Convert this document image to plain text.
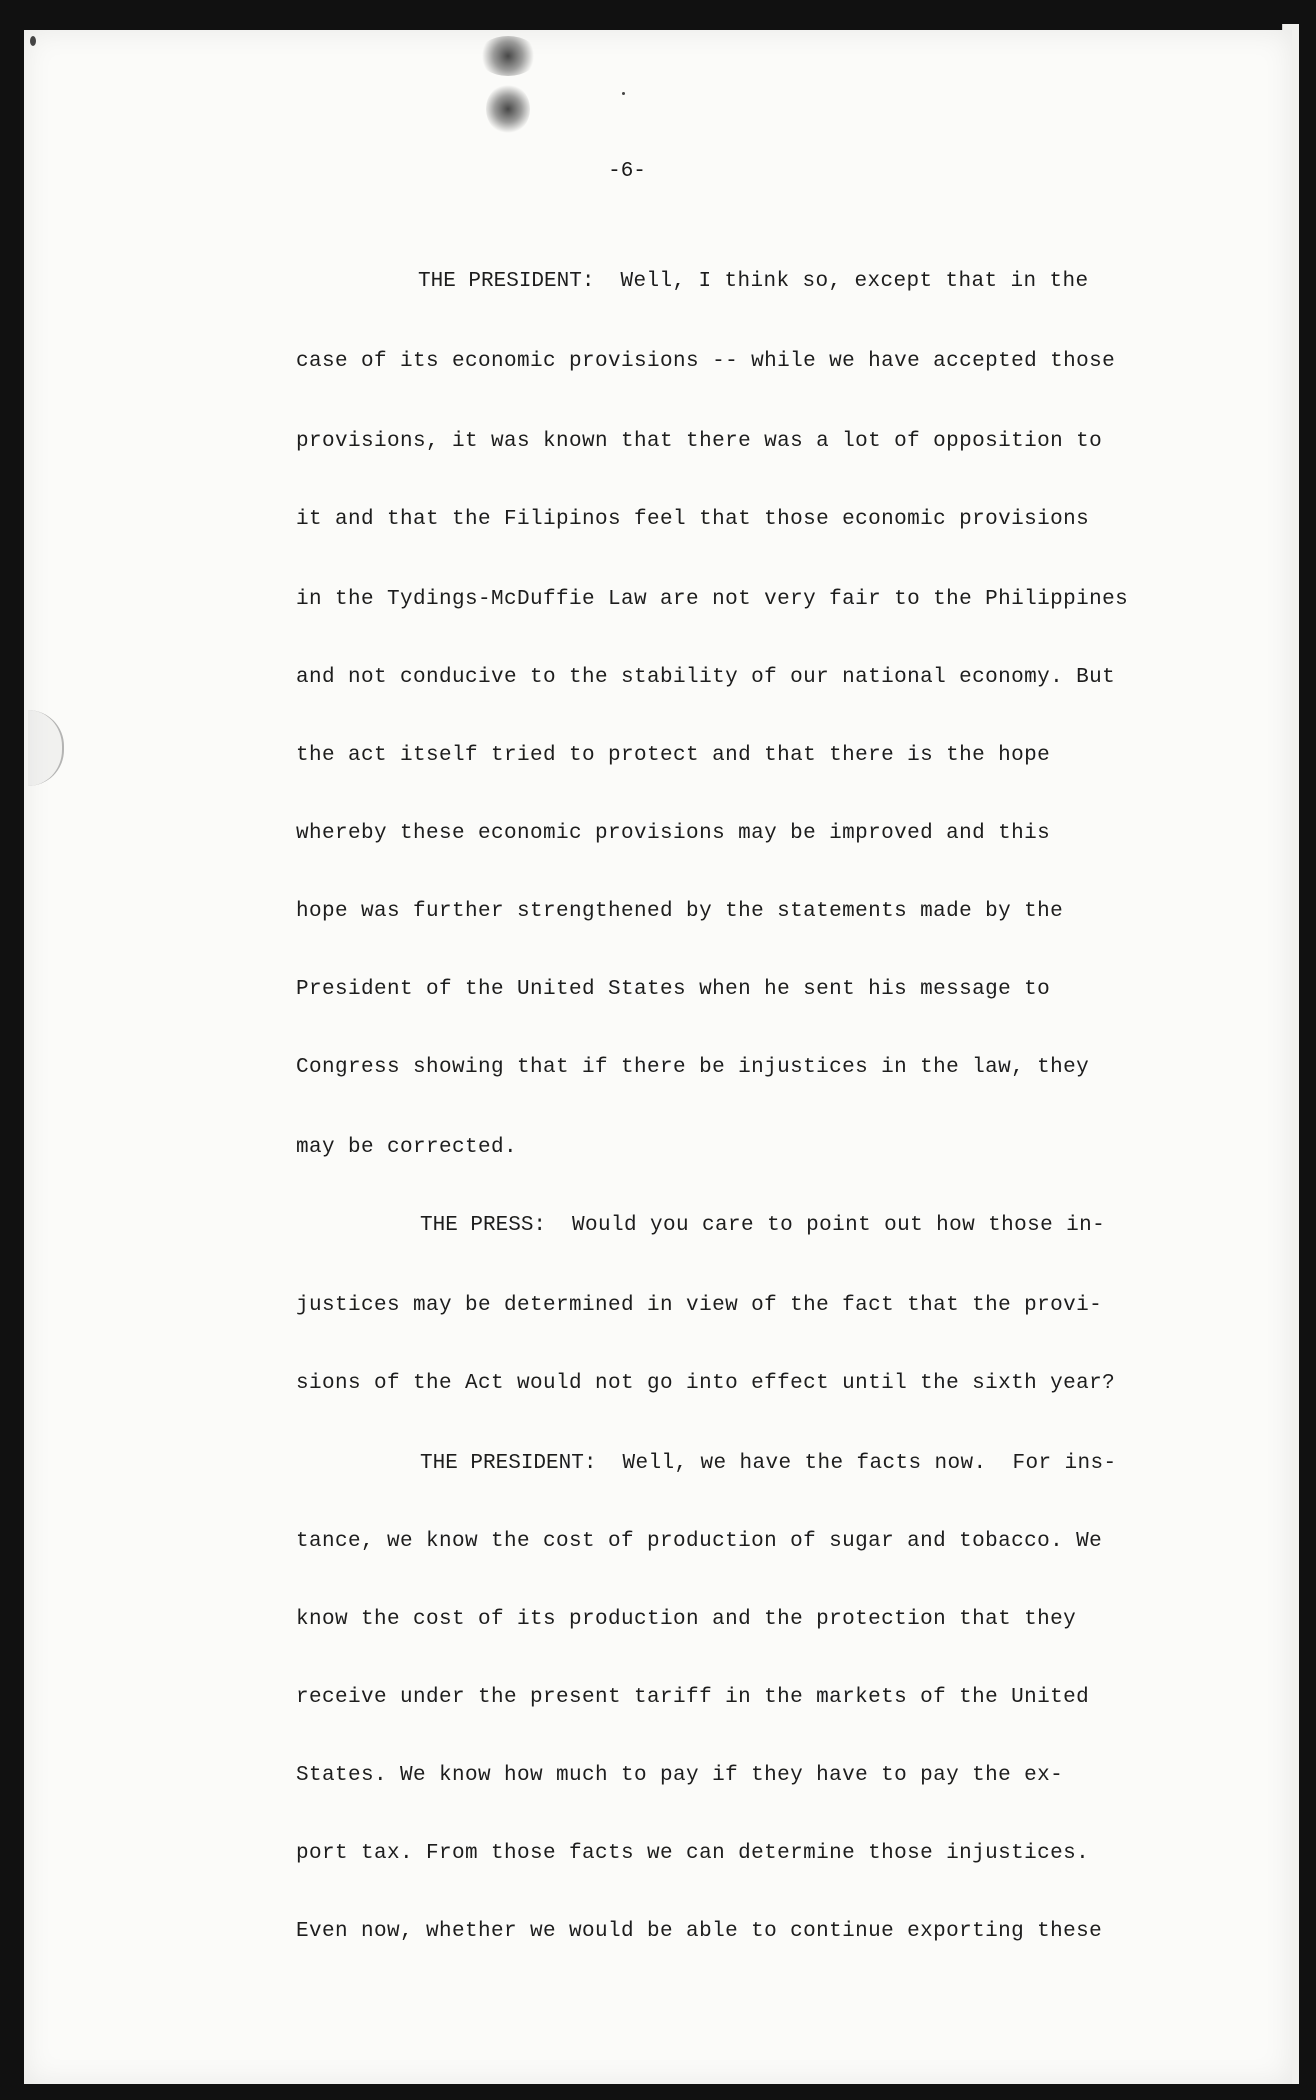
-6-
THE PRESIDENT:  Well, I think so, except that in the
case of its economic provisions -- while we have accepted those
provisions, it was known that there was a lot of opposition to
it and that the Filipinos feel that those economic provisions
in the Tydings-McDuffie Law are not very fair to the Philippines
and not conducive to the stability of our national economy. But
the act itself tried to protect and that there is the hope
whereby these economic provisions may be improved and this
hope was further strengthened by the statements made by the
President of the United States when he sent his message to
Congress showing that if there be injustices in the law, they
may be corrected.
THE PRESS:  Would you care to point out how those in-
justices may be determined in view of the fact that the provi-
sions of the Act would not go into effect until the sixth year?
THE PRESIDENT:  Well, we have the facts now.  For ins-
tance, we know the cost of production of sugar and tobacco. We
know the cost of its production and the protection that they
receive under the present tariff in the markets of the United
States. We know how much to pay if they have to pay the ex-
port tax. From those facts we can determine those injustices.
Even now, whether we would be able to continue exporting these
